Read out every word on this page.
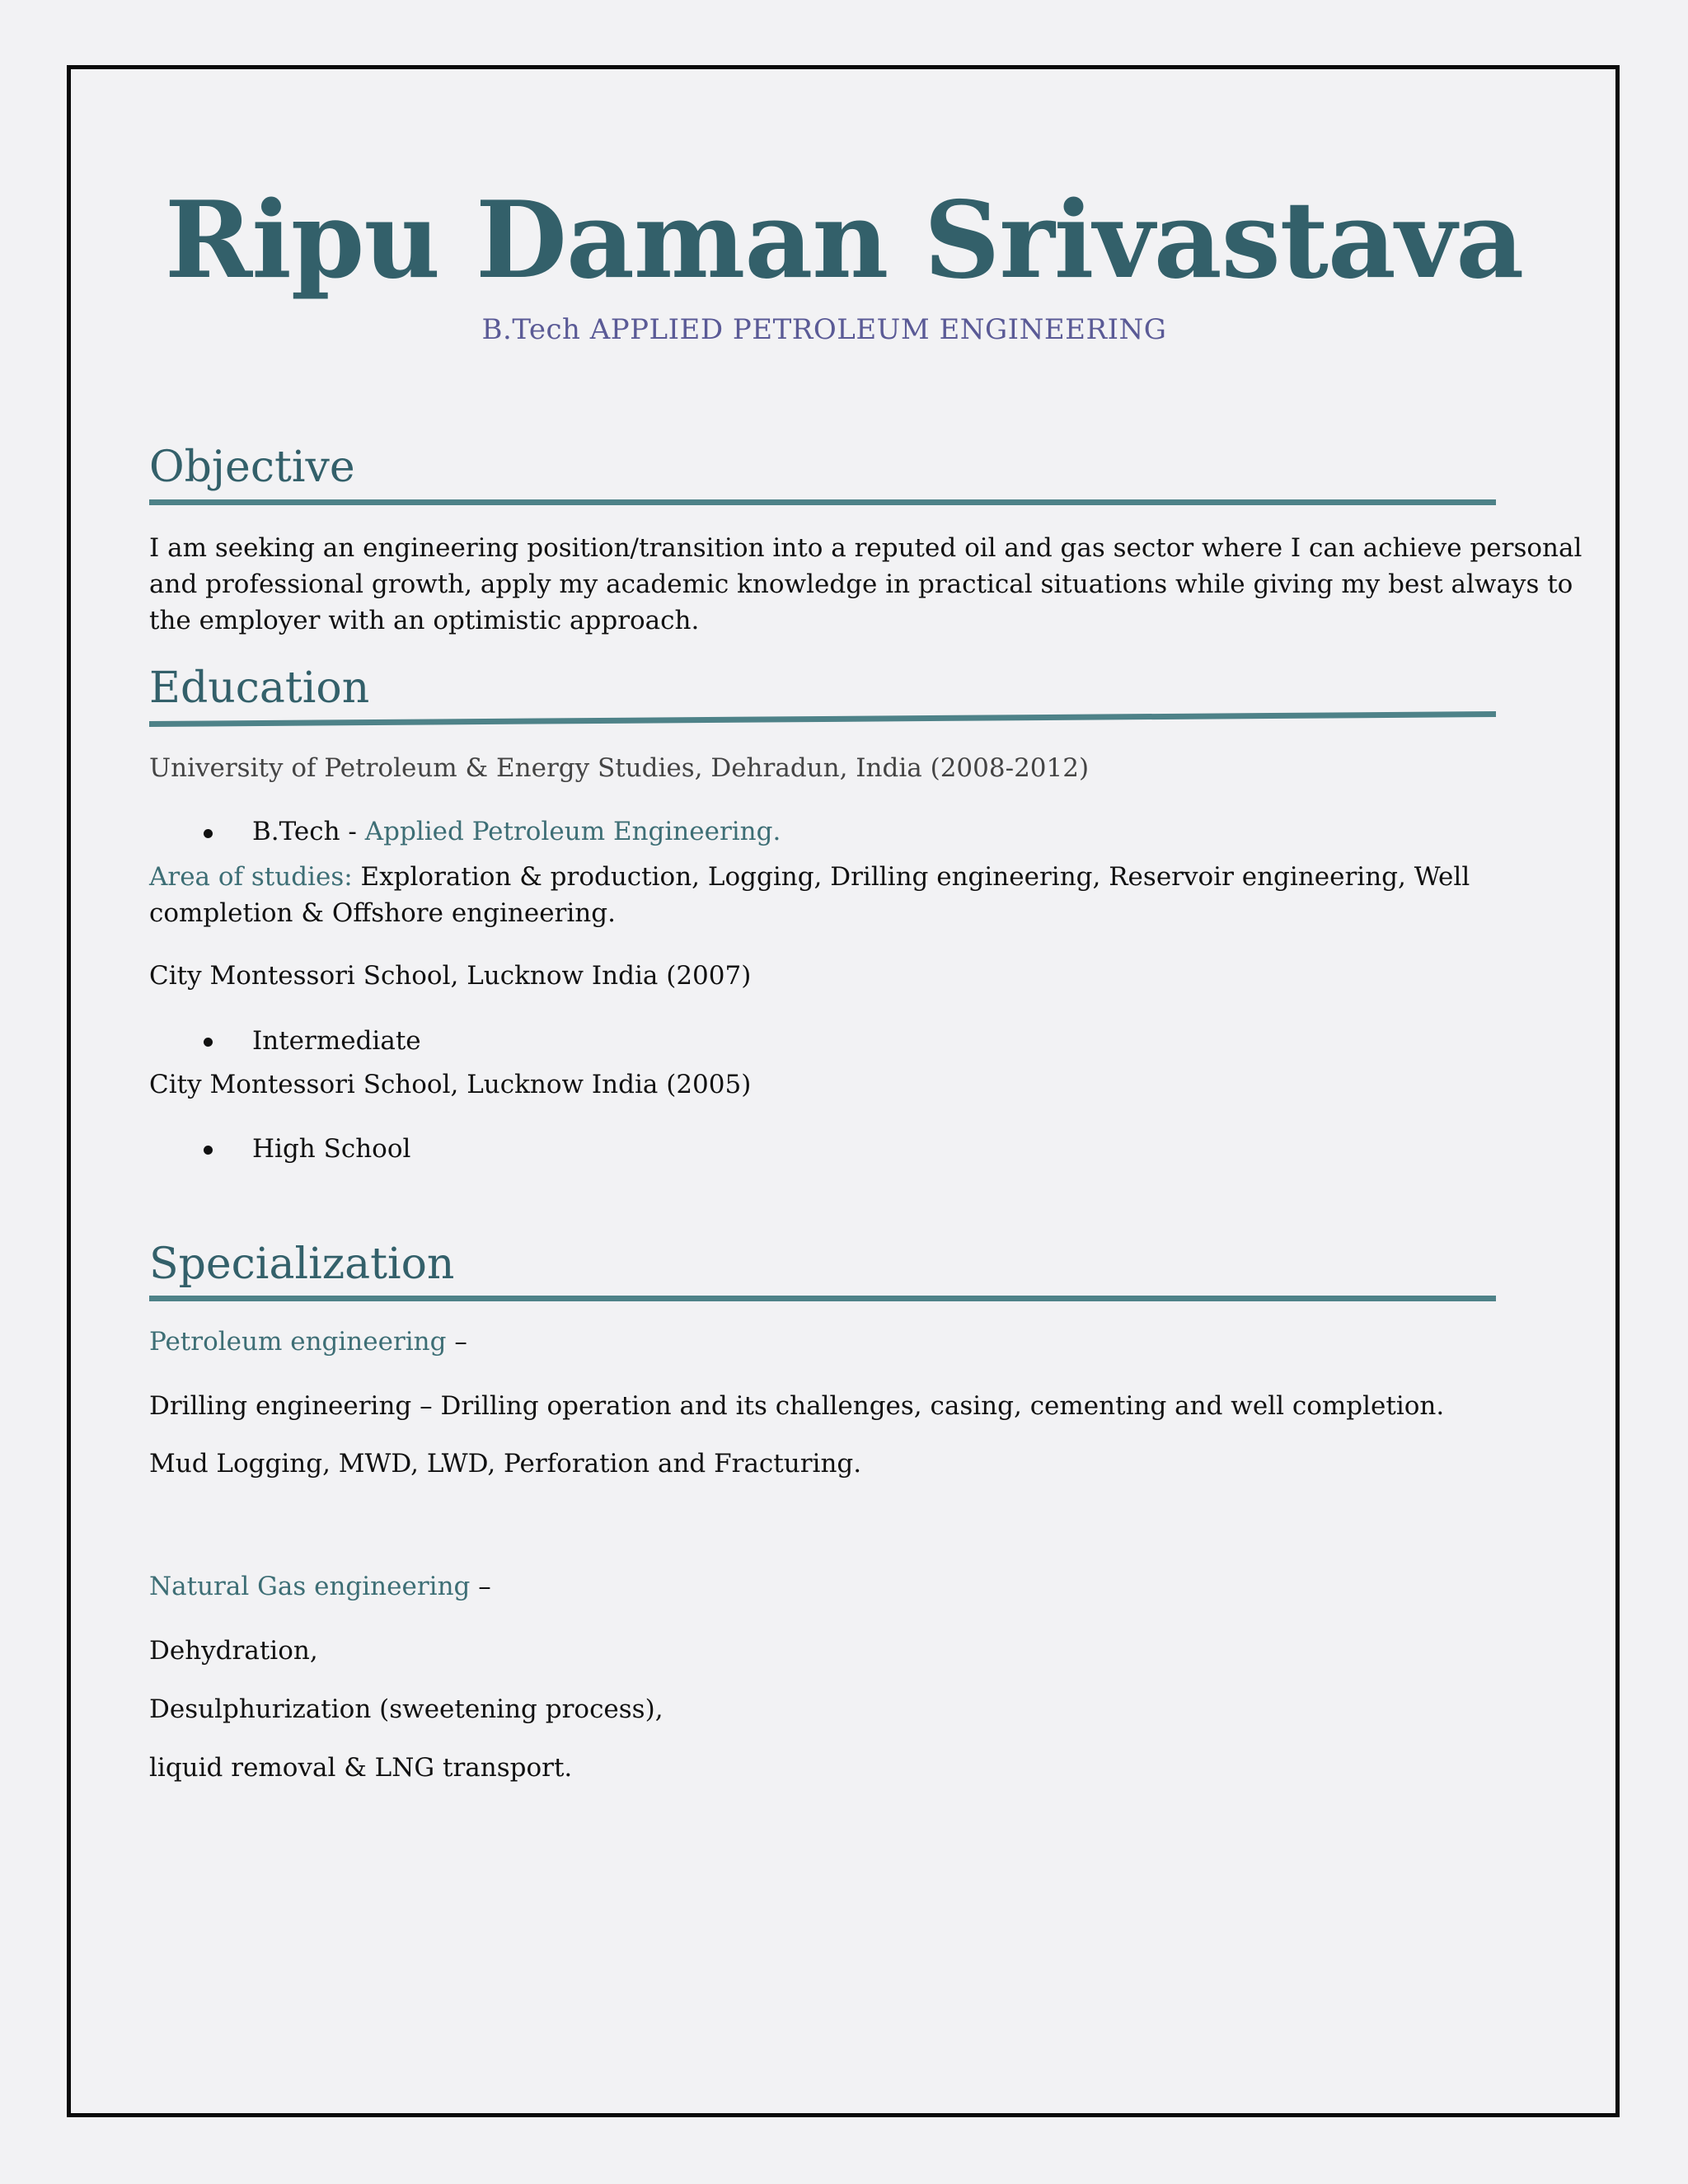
Ripu Daman Srivastava
B.Tech APPLIED PETROLEUM ENGINEERING
Objective
I am seeking an engineering position/transition into a reputed oil and gas sector where I can achieve personal
and professional growth, apply my academic knowledge in practical situations while giving my best always to
the employer with an optimistic approach.
Education
University of Petroleum & Energy Studies, Dehradun, India (2008-2012)
B.Tech - Applied Petroleum Engineering.
Area of studies: Exploration & production, Logging, Drilling engineering, Reservoir engineering, Well
completion & Offshore engineering.
City Montessori School, Lucknow India (2007)
Intermediate
City Montessori School, Lucknow India (2005)
High School
Specialization
Petroleum engineering –
Drilling engineering – Drilling operation and its challenges, casing, cementing and well completion.
Mud Logging, MWD, LWD, Perforation and Fracturing.
Natural Gas engineering –
Dehydration,
Desulphurization (sweetening process),
liquid removal & LNG transport.
